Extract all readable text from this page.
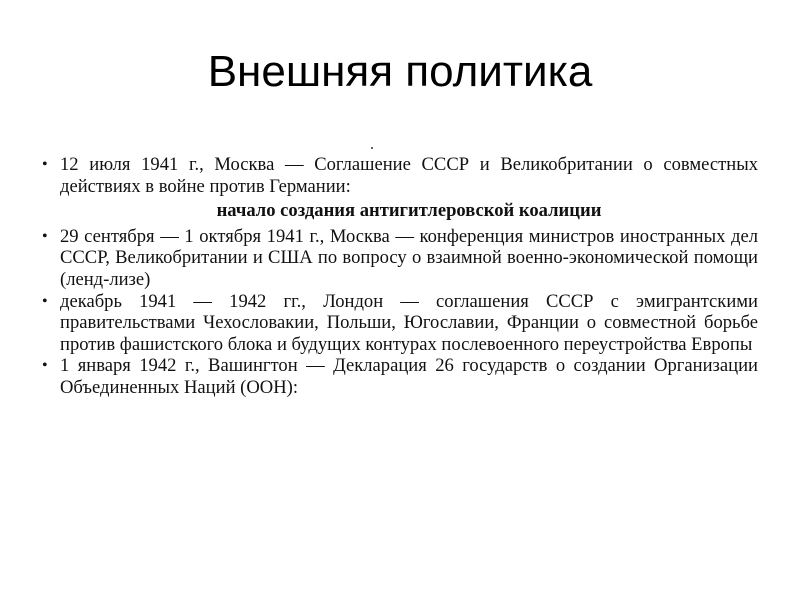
Внешняя политика

• 12 июля 1941 г., Москва — Соглашение СССР и Великобритании о совместных действиях в войне против Германии:

начало создания антигитлеровской коалиции

• 29 сентября — 1 октября 1941 г., Москва — конференция министров иностранных дел СССР, Великобритании и США по вопросу о взаимной военно-экономической помощи (ленд-лизе)

• декабрь 1941 — 1942 гг., Лондон — соглашения СССР с эмигрантскими правительствами Чехословакии, Польши, Югославии, Франции о совместной борьбе против фашистского блока и будущих контурах послевоенного переустройства Европы

• 1 января 1942 г., Вашингтон — Декларация 26 государств о создании Организации Объединенных Наций (ООН):
